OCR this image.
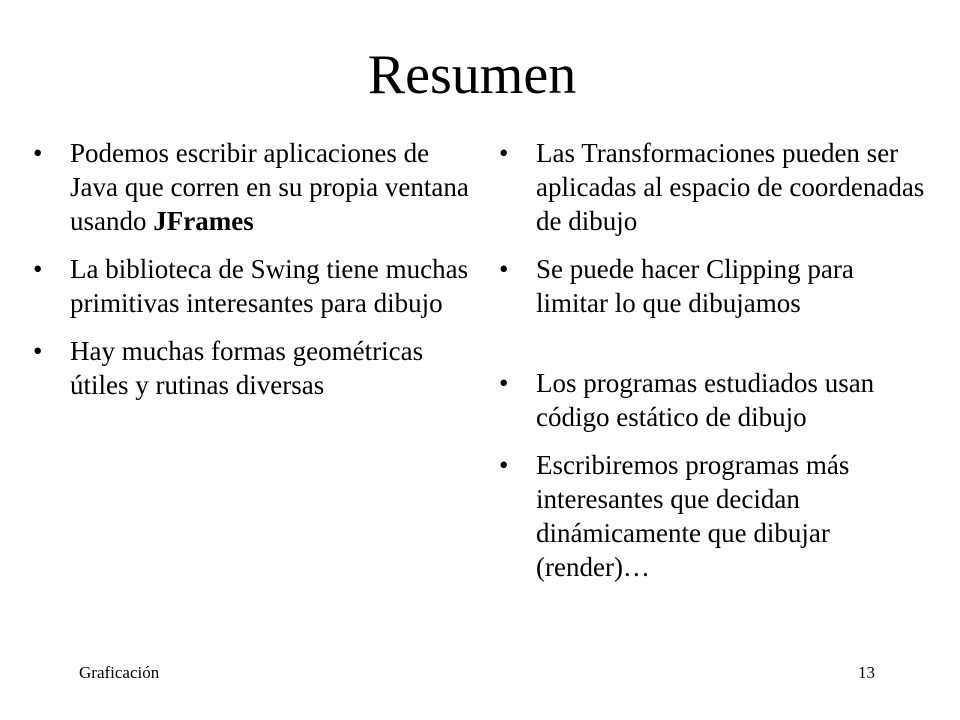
Resumen
• Podemos escribir aplicaciones de Java que corren en su propia ventana usando JFrames
• La biblioteca de Swing tiene muchas primitivas interesantes para dibujo
• Hay muchas formas geométricas útiles y rutinas diversas
• Las Transformaciones pueden ser aplicadas al espacio de coordenadas de dibujo
• Se puede hacer Clipping para limitar lo que dibujamos
• Los programas estudiados usan código estático de dibujo
• Escribiremos programas más interesantes que decidan dinámicamente que dibujar (render)…
Graficación	13
